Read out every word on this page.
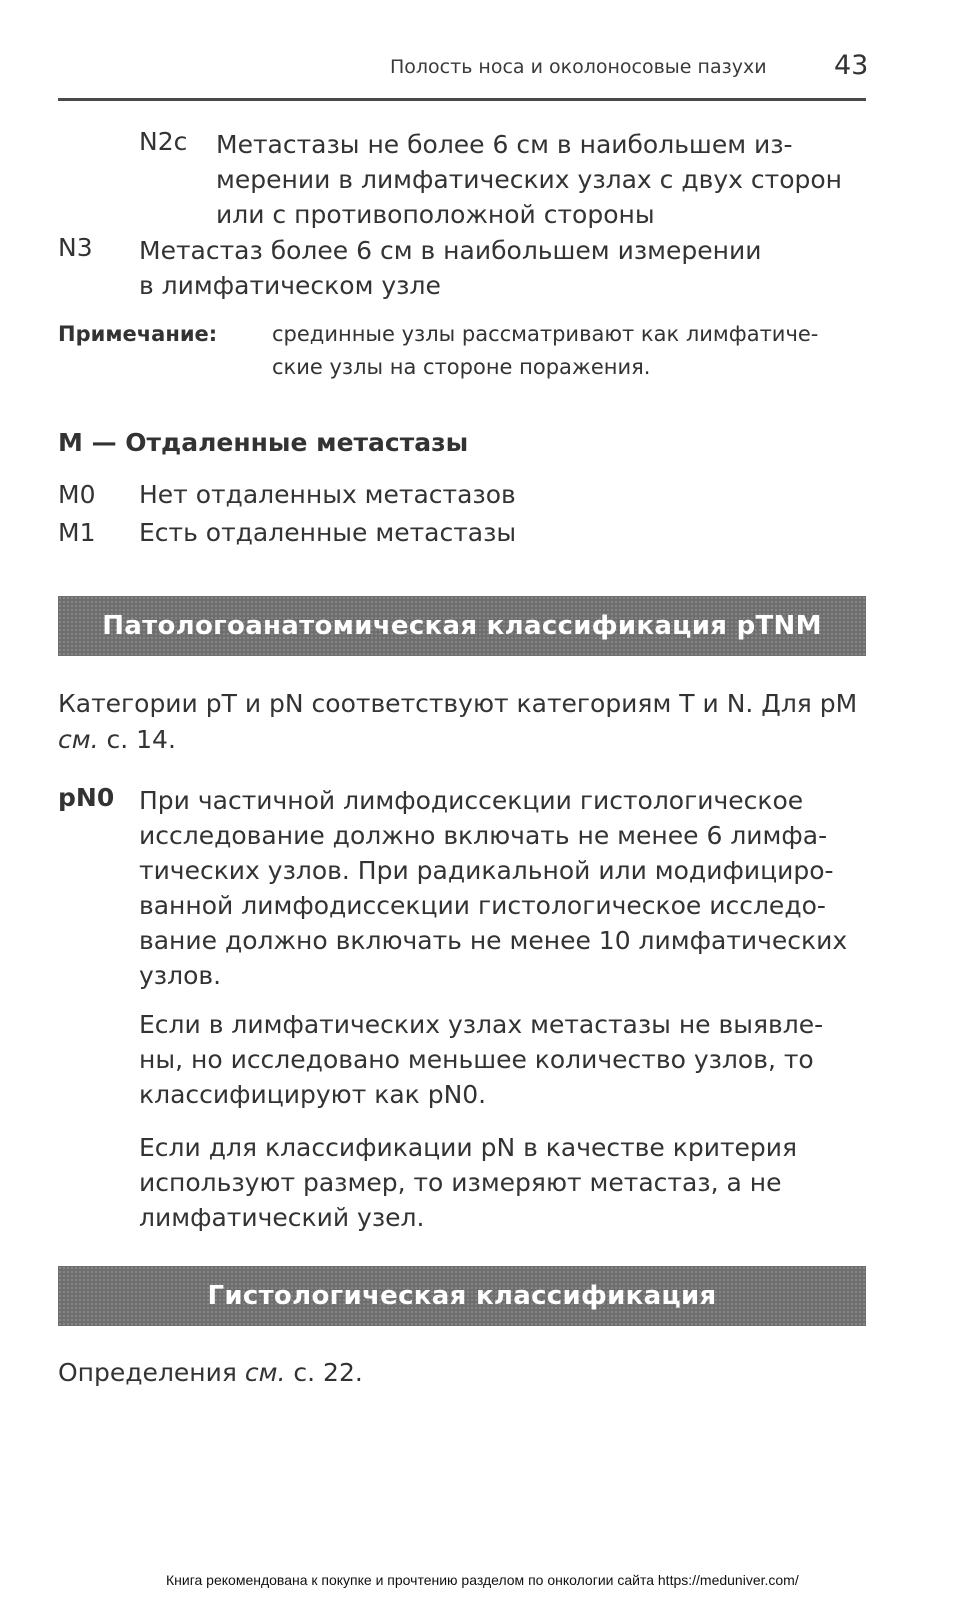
Полость носа и околоносовые пазухи 43
N2c Метастазы не более 6 см в наибольшем из-
мерении в лимфатических узлах с двух сторон
или с противоположной стороны
N3 Метастаз более 6 см в наибольшем измерении
в лимфатическом узле
Примечание:	срединные узлы рассматривают как лимфатиче-
ские узлы на стороне поражения.
M — Отдаленные метастазы
M0 Нет отдаленных метастазов
M1 Есть отдаленные метастазы
Патологоанатомическая классификация pTNM
Категории pT и pN соответствуют категориям T и N. Для pM см. с. 14.
pN0 При частичной лимфодиссекции гистологическое
исследование должно включать не менее 6 лимфа-
тических узлов. При радикальной или модифициро-
ванной лимфодиссекции гистологическое исследо-
вание должно включать не менее 10 лимфатических
узлов.
Если в лимфатических узлах метастазы не выявле-
ны, но исследовано меньшее количество узлов, то
классифицируют как pN0.
Если для классификации pN в качестве критерия
используют размер, то измеряют метастаз, а не
лимфатический узел.
Гистологическая классификация
Определения см. с. 22.
Книга рекомендована к покупке и прочтению разделом по онкологии сайта https://meduniver.com/
